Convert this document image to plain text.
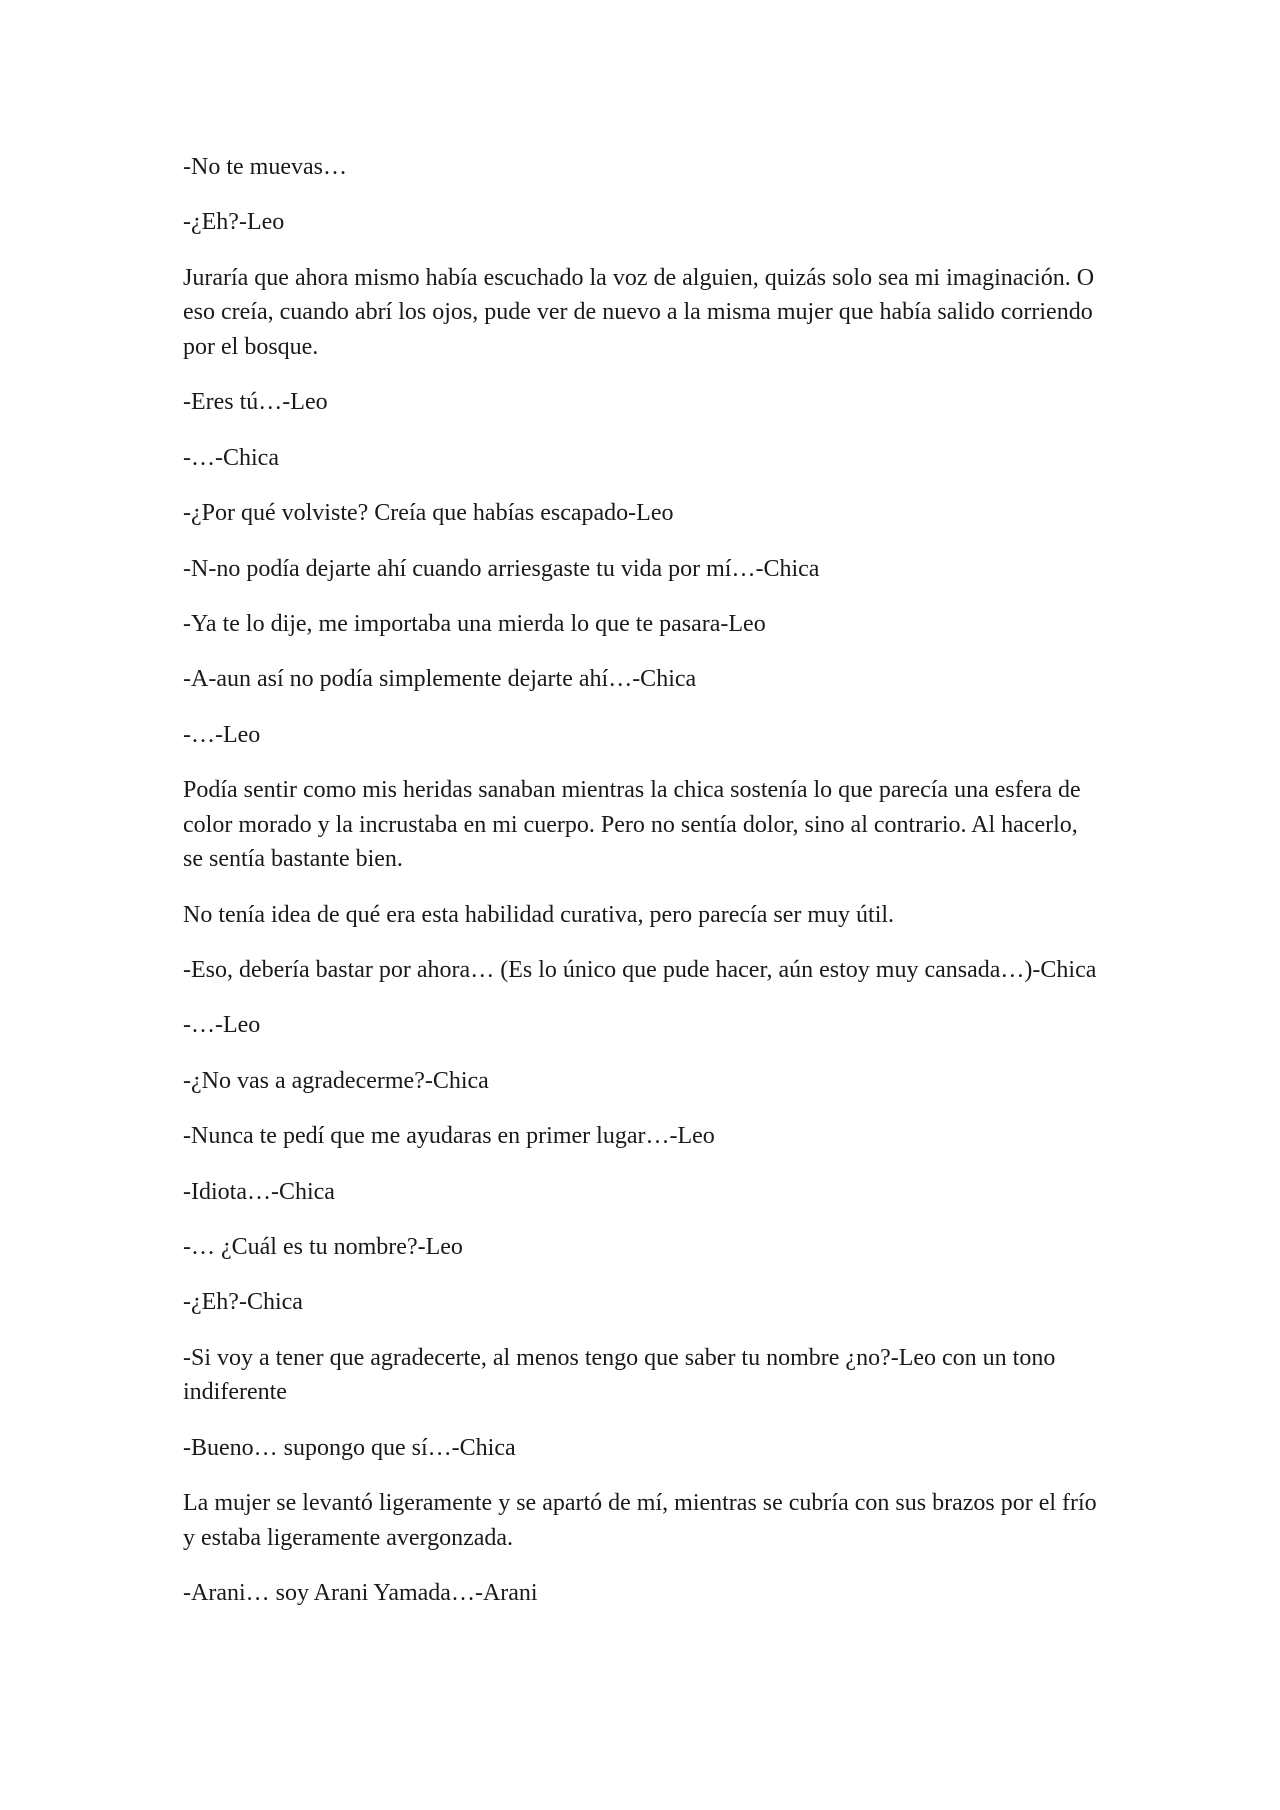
-No te muevas…

-¿Eh?-Leo

Juraría que ahora mismo había escuchado la voz de alguien, quizás solo sea mi imaginación. O eso creía, cuando abrí los ojos, pude ver de nuevo a la misma mujer que había salido corriendo por el bosque.

-Eres tú…-Leo

-…-Chica

-¿Por qué volviste? Creía que habías escapado-Leo

-N-no podía dejarte ahí cuando arriesgaste tu vida por mí…-Chica

-Ya te lo dije, me importaba una mierda lo que te pasara-Leo

-A-aun así no podía simplemente dejarte ahí…-Chica

-…-Leo

Podía sentir como mis heridas sanaban mientras la chica sostenía lo que parecía una esfera de color morado y la incrustaba en mi cuerpo. Pero no sentía dolor, sino al contrario. Al hacerlo, se sentía bastante bien.

No tenía idea de qué era esta habilidad curativa, pero parecía ser muy útil.

-Eso, debería bastar por ahora… (Es lo único que pude hacer, aún estoy muy cansada…)-Chica

-…-Leo

-¿No vas a agradecerme?-Chica

-Nunca te pedí que me ayudaras en primer lugar…-Leo

-Idiota…-Chica

-… ¿Cuál es tu nombre?-Leo

-¿Eh?-Chica

-Si voy a tener que agradecerte, al menos tengo que saber tu nombre ¿no?-Leo con un tono indiferente

-Bueno… supongo que sí…-Chica

La mujer se levantó ligeramente y se apartó de mí, mientras se cubría con sus brazos por el frío y estaba ligeramente avergonzada.

-Arani… soy Arani Yamada…-Arani
